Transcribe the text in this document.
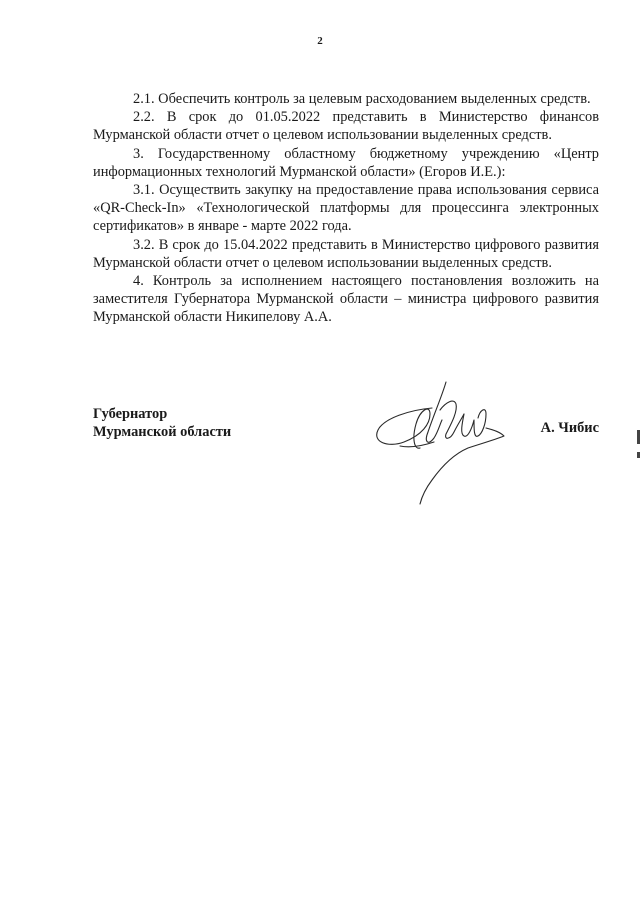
2

2.1. Обеспечить контроль за целевым расходованием выделенных средств.

2.2. В срок до 01.05.2022 представить в Министерство финансов Мурманской области отчет о целевом использовании выделенных средств.

3. Государственному областному бюджетному учреждению «Центр информационных технологий Мурманской области» (Егоров И.Е.):

3.1. Осуществить закупку на предоставление права использования сервиса «QR-Check-In» «Технологической платформы для процессинга электронных сертификатов» в январе - марте 2022 года.

3.2. В срок до 15.04.2022 представить в Министерство цифрового развития Мурманской области отчет о целевом использовании выделенных средств.

4. Контроль за исполнением настоящего постановления возложить на заместителя Губернатора Мурманской области – министра цифрового развития Мурманской области Никипелову А.А.

Губернатор
Мурманской области	А. Чибис
